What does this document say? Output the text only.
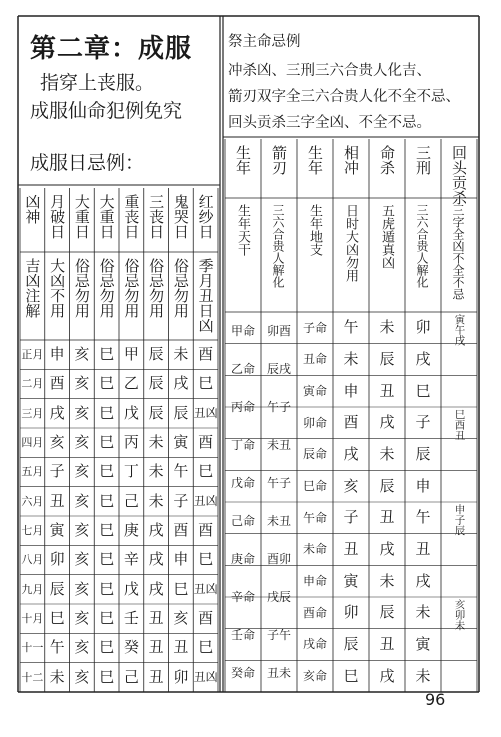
第二章：成服
指穿上丧服。
成服仙命犯例免究
成服日忌例：
祭主命忌例
冲杀凶、三刑三六合贵人化吉、
箭刃双字全三六合贵人化不全不忌、
回头贡杀三字全凶、不全不忌。
凶神
吉凶注解
正月
二月
三月
四月
五月
六月
七月
八月
九月
十月
十一
十二
月破日
大凶不用
申
酉
戌
亥
子
丑
寅
卯
辰
巳
午
未
大重日
俗忌勿用
亥
亥
亥
亥
亥
亥
亥
亥
亥
亥
亥
亥
大重日
俗忌勿用
巳
巳
巳
巳
巳
巳
巳
巳
巳
巳
巳
巳
重丧日
俗忌勿用
甲
乙
戊
丙
丁
己
庚
辛
戊
壬
癸
己
三丧日
俗忌勿用
辰
辰
辰
未
未
未
戌
戌
戌
丑
丑
丑
鬼哭日
俗忌勿用
未
戌
辰
寅
午
子
酉
申
巳
亥
丑
卯
红纱日
季月丑日凶
酉
巳
丑凶
酉
巳
丑凶
酉
巳
丑凶
酉
巳
丑凶
回头贡杀
三字全凶不全不忌
寅午戌
巳酉丑
申子辰
亥卯未
三刑
三六合贵人解化
卯
戌
巳
子
辰
申
午
丑
戌
未
寅
未
命杀
五虎遁真凶
未
辰
丑
戌
未
辰
丑
戌
未
辰
丑
戌
相冲
日时大凶勿用
午
未
申
酉
戌
亥
子
丑
寅
卯
辰
巳
生年
生年地支
子命
丑命
寅命
卯命
辰命
巳命
午命
未命
申命
酉命
戌命
亥命
箭刃
三六合贵人解化
卯酉
辰戌
午子
未丑
午子
未丑
酉卯
戌辰
子午
丑未
生年
生年天干
甲命
乙命
丙命
丁命
戊命
己命
庚命
辛命
壬命
癸命
96
